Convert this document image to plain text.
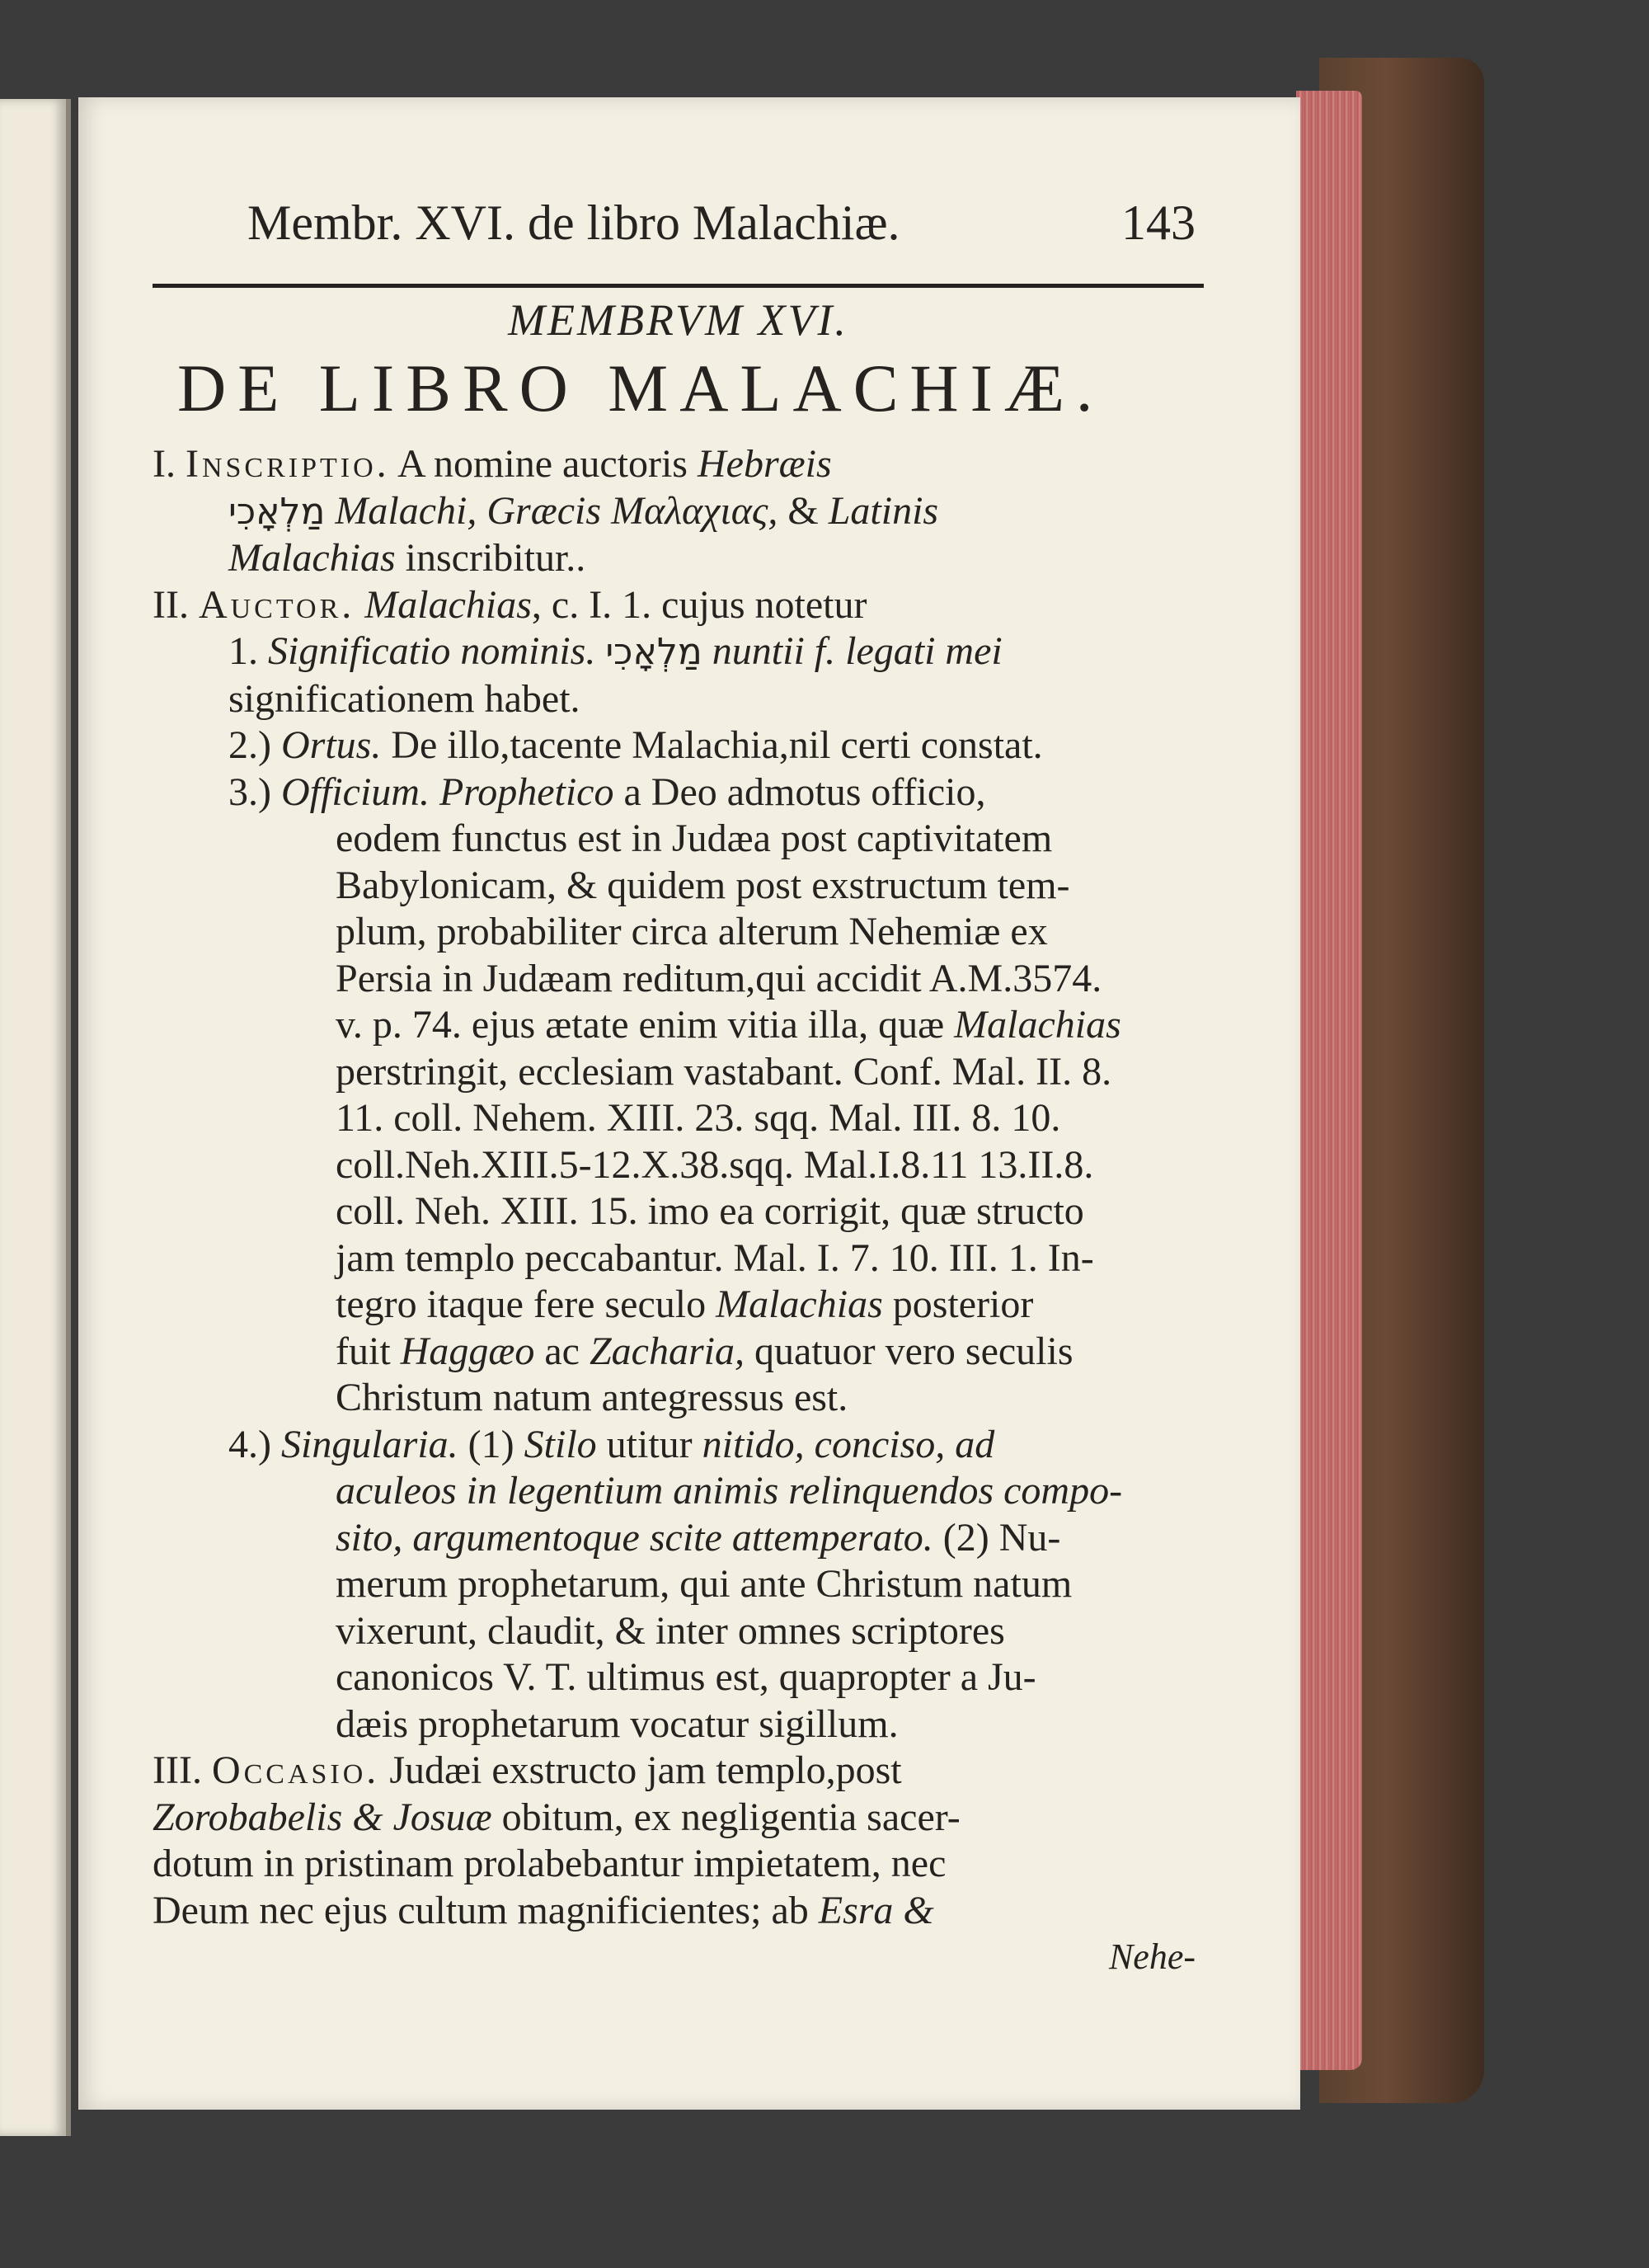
Membr. XVI. de libro Malachiæ.	143
MEMBRVM XVI.
DE LIBRO MALACHIÆ.
I. Inscriptio. A nomine auctoris Hebræis
מַלְאָכִי Malachi, Græcis Μαλαχιας, & Latinis
Malachias inscribitur..
II. Auctor. Malachias, c. I. 1. cujus notetur
1. Significatio nominis. מַלְאָכִי nuntii f. legati mei
significationem habet.
2.) Ortus. De illo,tacente Malachia,nil certi constat.
3.) Officium. Prophetico a Deo admotus officio,
eodem functus est in Judæa post captivitatem
Babylonicam, & quidem post exstructum tem-
plum, probabiliter circa alterum Nehemiæ ex
Persia in Judæam reditum,qui accidit A.M.3574.
v. p. 74. ejus ætate enim vitia illa, quæ Malachias
perstringit, ecclesiam vastabant. Conf. Mal. II. 8.
11. coll. Nehem. XIII. 23. sqq. Mal. III. 8. 10.
coll.Neh.XIII.5-12.X.38.sqq. Mal.I.8.11 13.II.8.
coll. Neh. XIII. 15. imo ea corrigit, quæ structo
jam templo peccabantur. Mal. I. 7. 10. III. 1. In-
tegro itaque fere seculo Malachias posterior
fuit Haggæo ac Zacharia, quatuor vero seculis
Christum natum antegressus est.
4.) Singularia. (1) Stilo utitur nitido, conciso, ad
aculeos in legentium animis relinquendos compo-
sito, argumentoque scite attemperato. (2) Nu-
merum prophetarum, qui ante Christum natum
vixerunt, claudit, & inter omnes scriptores
canonicos V. T. ultimus est, quapropter a Ju-
dæis prophetarum vocatur sigillum.
III. Occasio. Judæi exstructo jam templo,post
Zorobabelis & Josuæ obitum, ex negligentia sacer-
dotum in pristinam prolabebantur impietatem, nec
Deum nec ejus cultum magnificientes; ab Esra &
Nehe-
